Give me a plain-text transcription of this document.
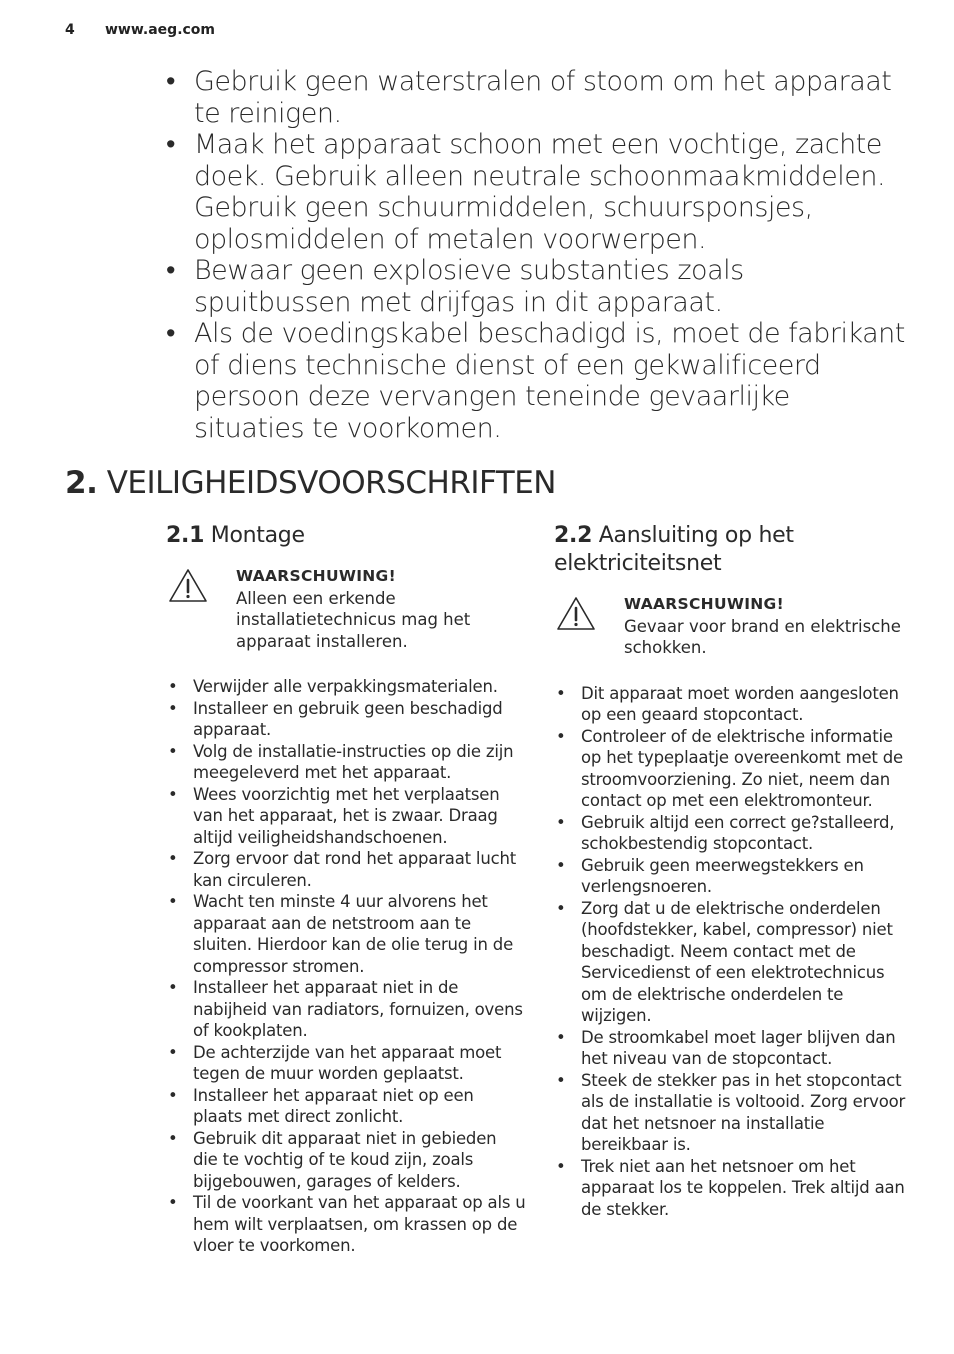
4 www.aeg.com
• Gebruik geen waterstralen of stoom om het apparaat te reinigen.
• Maak het apparaat schoon met een vochtige, zachte doek. Gebruik alleen neutrale schoonmaakmiddelen. Gebruik geen schuurmiddelen, schuursponsjes, oplosmiddelen of metalen voorwerpen.
• Bewaar geen explosieve substanties zoals spuitbussen met drijfgas in dit apparaat.
• Als de voedingskabel beschadigd is, moet de fabrikant of diens technische dienst of een gekwalificeerd persoon deze vervangen teneinde gevaarlijke situaties te voorkomen.
2. VEILIGHEIDSVOORSCHRIFTEN
2.1 Montage
WAARSCHUWING!
Alleen een erkende installatietechnicus mag het apparaat installeren.
• Verwijder alle verpakkingsmaterialen.
• Installeer en gebruik geen beschadigd apparaat.
• Volg de installatie-instructies op die zijn meegeleverd met het apparaat.
• Wees voorzichtig met het verplaatsen van het apparaat, het is zwaar. Draag altijd veiligheidshandschoenen.
• Zorg ervoor dat rond het apparaat lucht kan circuleren.
• Wacht ten minste 4 uur alvorens het apparaat aan de netstroom aan te sluiten. Hierdoor kan de olie terug in de compressor stromen.
• Installeer het apparaat niet in de nabijheid van radiators, fornuizen, ovens of kookplaten.
• De achterzijde van het apparaat moet tegen de muur worden geplaatst.
• Installeer het apparaat niet op een plaats met direct zonlicht.
• Gebruik dit apparaat niet in gebieden die te vochtig of te koud zijn, zoals bijgebouwen, garages of kelders.
• Til de voorkant van het apparaat op als u hem wilt verplaatsen, om krassen op de vloer te voorkomen.
2.2 Aansluiting op het elektriciteitsnet
WAARSCHUWING!
Gevaar voor brand en elektrische schokken.
• Dit apparaat moet worden aangesloten op een geaard stopcontact.
• Controleer of de elektrische informatie op het typeplaatje overeenkomt met de stroomvoorziening. Zo niet, neem dan contact op met een elektromonteur.
• Gebruik altijd een correct ge?stalleerd, schokbestendig stopcontact.
• Gebruik geen meerwegstekkers en verlengsnoeren.
• Zorg dat u de elektrische onderdelen (hoofdstekker, kabel, compressor) niet beschadigt. Neem contact met de Servicedienst of een elektrotechnicus om de elektrische onderdelen te wijzigen.
• De stroomkabel moet lager blijven dan het niveau van de stopcontact.
• Steek de stekker pas in het stopcontact als de installatie is voltooid. Zorg ervoor dat het netsnoer na installatie bereikbaar is.
• Trek niet aan het netsnoer om het apparaat los te koppelen. Trek altijd aan de stekker.
